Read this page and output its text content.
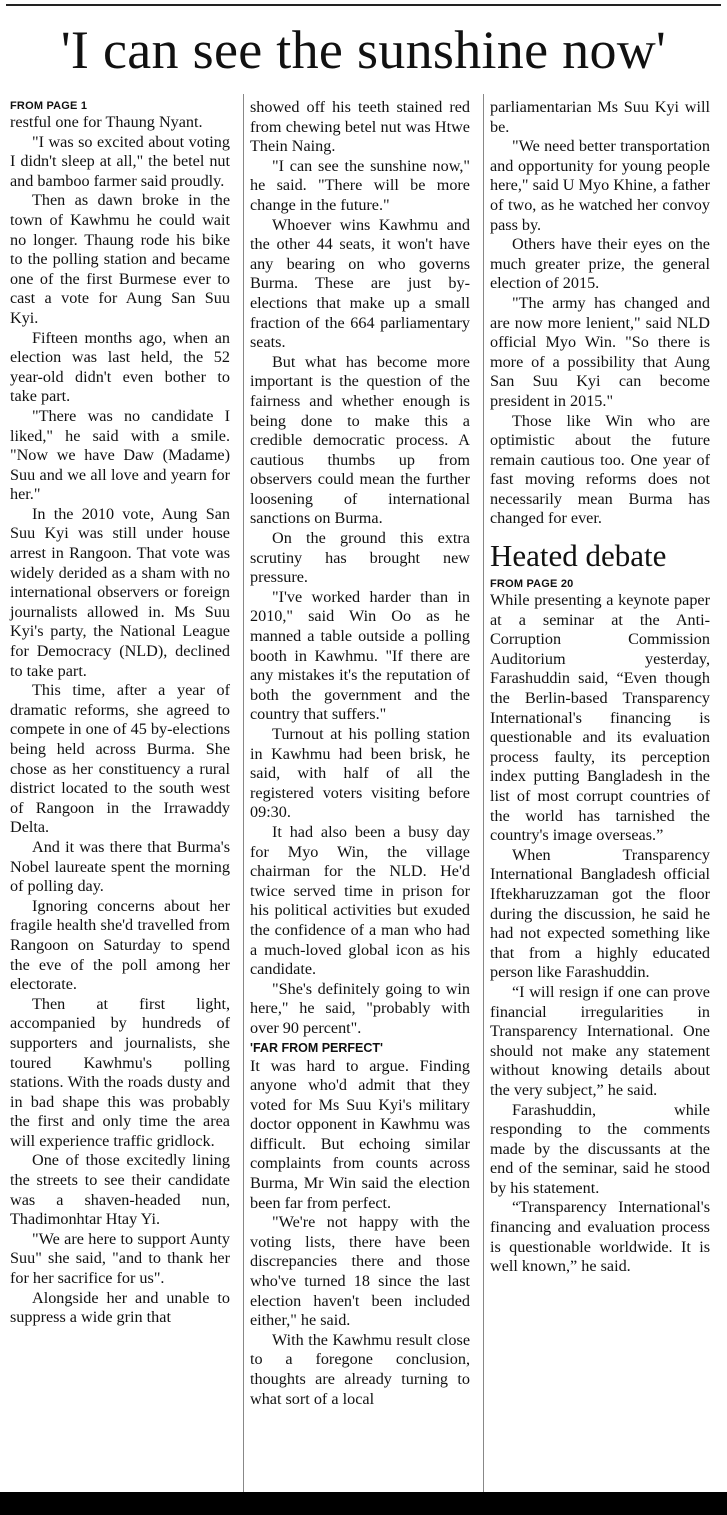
'I can see the sunshine now'
FROM PAGE 1

restful one for Thaung Nyant.

"I was so excited about voting I didn't sleep at all," the betel nut and bamboo farmer said proudly.

Then as dawn broke in the town of Kawhmu he could wait no longer. Thaung rode his bike to the polling station and became one of the first Burmese ever to cast a vote for Aung San Suu Kyi.

Fifteen months ago, when an election was last held, the 52 year-old didn't even bother to take part.

"There was no candidate I liked," he said with a smile. "Now we have Daw (Madame) Suu and we all love and yearn for her."

In the 2010 vote, Aung San Suu Kyi was still under house arrest in Rangoon. That vote was widely derided as a sham with no international observers or foreign journalists allowed in. Ms Suu Kyi's party, the National League for Democracy (NLD), declined to take part.

This time, after a year of dramatic reforms, she agreed to compete in one of 45 by-elections being held across Burma. She chose as her constituency a rural district located to the south west of Rangoon in the Irrawaddy Delta.

And it was there that Burma's Nobel laureate spent the morning of polling day.

Ignoring concerns about her fragile health she'd travelled from Rangoon on Saturday to spend the eve of the poll among her electorate.

Then at first light, accompanied by hundreds of supporters and journalists, she toured Kawhmu's polling stations. With the roads dusty and in bad shape this was probably the first and only time the area will experience traffic gridlock.

One of those excitedly lining the streets to see their candidate was a shaven-headed nun, Thadimonhtar Htay Yi.

"We are here to support Aunty Suu" she said, "and to thank her for her sacrifice for us".

Alongside her and unable to suppress a wide grin that

showed off his teeth stained red from chewing betel nut was Htwe Thein Naing.

"I can see the sunshine now," he said. "There will be more change in the future."

Whoever wins Kawhmu and the other 44 seats, it won't have any bearing on who governs Burma. These are just by-elections that make up a small fraction of the 664 parliamentary seats.

But what has become more important is the question of the fairness and whether enough is being done to make this a credible democratic process. A cautious thumbs up from observers could mean the further loosening of international sanctions on Burma.

On the ground this extra scrutiny has brought new pressure.

"I've worked harder than in 2010," said Win Oo as he manned a table outside a polling booth in Kawhmu. "If there are any mistakes it's the reputation of both the government and the country that suffers."

Turnout at his polling station in Kawhmu had been brisk, he said, with half of all the registered voters visiting before 09:30.

It had also been a busy day for Myo Win, the village chairman for the NLD. He'd twice served time in prison for his political activities but exuded the confidence of a man who had a much-loved global icon as his candidate.

"She's definitely going to win here," he said, "probably with over 90 percent".

'FAR FROM PERFECT'

It was hard to argue. Finding anyone who'd admit that they voted for Ms Suu Kyi's military doctor opponent in Kawhmu was difficult. But echoing similar complaints from counts across Burma, Mr Win said the election been far from perfect.

"We're not happy with the voting lists, there have been discrepancies there and those who've turned 18 since the last election haven't been included either," he said.

With the Kawhmu result close to a foregone conclusion, thoughts are already turning to what sort of a local

parliamentarian Ms Suu Kyi will be.

"We need better transportation and opportunity for young people here," said U Myo Khine, a father of two, as he watched her convoy pass by.

Others have their eyes on the much greater prize, the general election of 2015.

"The army has changed and are now more lenient," said NLD official Myo Win. "So there is more of a possibility that Aung San Suu Kyi can become president in 2015."

Those like Win who are optimistic about the future remain cautious too. One year of fast moving reforms does not necessarily mean Burma has changed for ever.

Heated debate
FROM PAGE 20

While presenting a keynote paper at a seminar at the Anti-Corruption Commission Auditorium yesterday, Farashuddin said, “Even though the Berlin-based Transparency International's financing is questionable and its evaluation process faulty, its perception index putting Bangladesh in the list of most corrupt countries of the world has tarnished the country's image overseas.”

When Transparency International Bangladesh official Iftekharuzzaman got the floor during the discussion, he said he had not expected something like that from a highly educated person like Farashuddin.

“I will resign if one can prove financial irregularities in Transparency International. One should not make any statement without knowing details about the very subject,” he said.

Farashuddin, while responding to the comments made by the discussants at the end of the seminar, said he stood by his statement.

“Transparency International's financing and evaluation process is questionable worldwide. It is well known,” he said.
